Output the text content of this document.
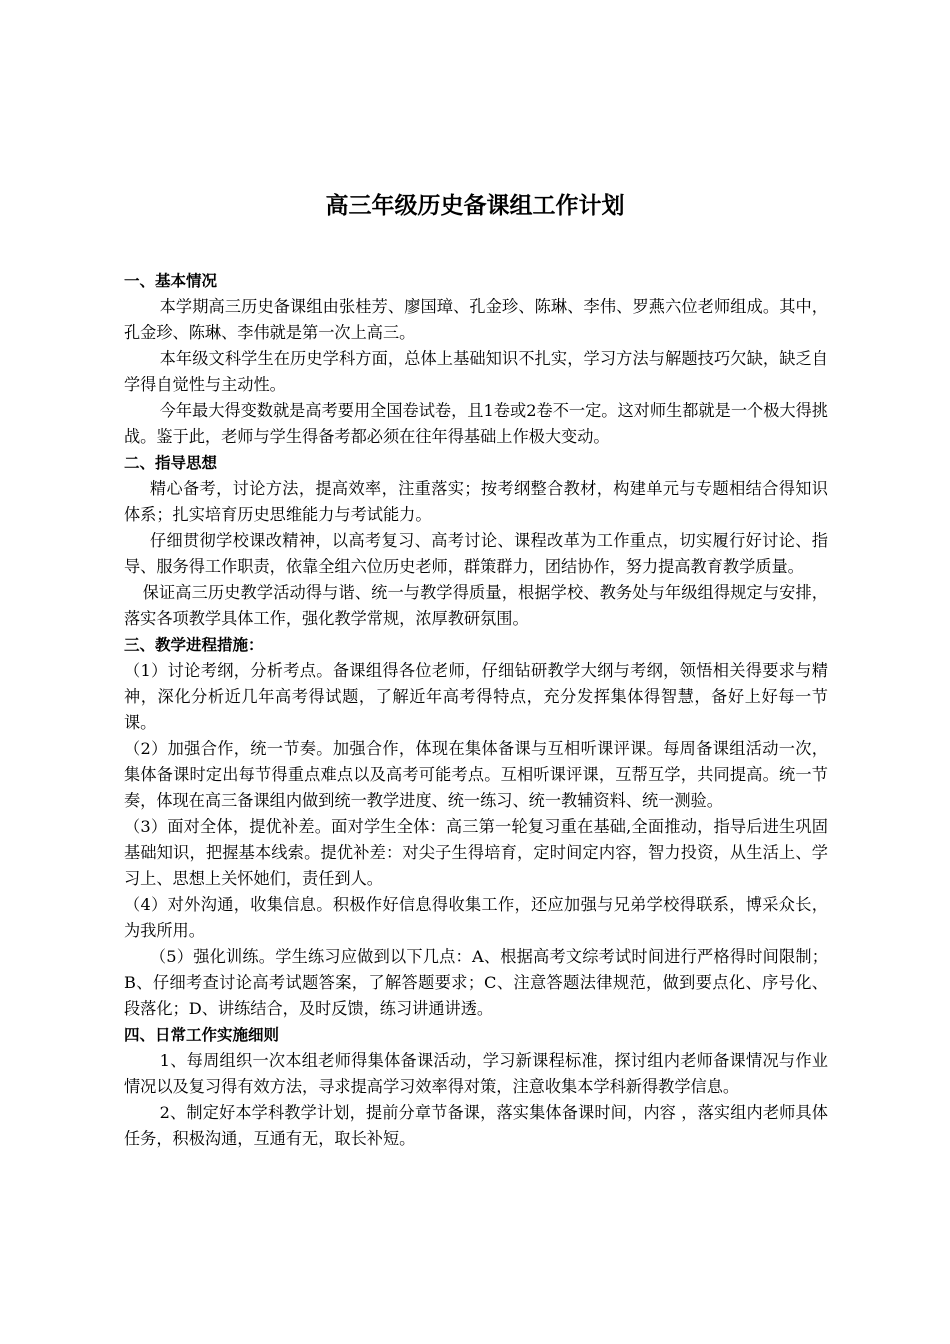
高三年级历史备课组工作计划

一、基本情况

本学期高三历史备课组由张桂芳、廖国璋、孔金珍、陈琳、李伟、罗燕六位老师组成。其中，孔金珍、陈琳、李伟就是第一次上高三。

本年级文科学生在历史学科方面，总体上基础知识不扎实，学习方法与解题技巧欠缺，缺乏自学得自觉性与主动性。

今年最大得变数就是高考要用全国卷试卷，且1卷或2卷不一定。这对师生都就是一个极大得挑战。鉴于此，老师与学生得备考都必须在往年得基础上作极大变动。

二、指导思想

精心备考，讨论方法，提高效率，注重落实；按考纲整合教材，构建单元与专题相结合得知识体系；扎实培育历史思维能力与考试能力。

仔细贯彻学校课改精神，以高考复习、高考讨论、课程改革为工作重点，切实履行好讨论、指导、服务得工作职责，依靠全组六位历史老师，群策群力，团结协作，努力提高教育教学质量。

保证高三历史教学活动得与谐、统一与教学得质量，根据学校、教务处与年级组得规定与安排，落实各项教学具体工作，强化教学常规，浓厚教研氛围。

三、教学进程措施：

（1）讨论考纲，分析考点。备课组得各位老师，仔细钻研教学大纲与考纲，领悟相关得要求与精神，深化分析近几年高考得试题，了解近年高考得特点，充分发挥集体得智慧，备好上好每一节课。

（2）加强合作，统一节奏。加强合作，体现在集体备课与互相听课评课。每周备课组活动一次，集体备课时定出每节得重点难点以及高考可能考点。互相听课评课，互帮互学，共同提高。统一节奏，体现在高三备课组内做到统一教学进度、统一练习、统一教辅资料、统一测验。

（3）面对全体，提优补差。面对学生全体：高三第一轮复习重在基础,全面推动，指导后进生巩固基础知识，把握基本线索。提优补差：对尖子生得培育，定时间定内容，智力投资，从生活上、学习上、思想上关怀她们，责任到人。

（4）对外沟通，收集信息。积极作好信息得收集工作，还应加强与兄弟学校得联系，博采众长，为我所用。

（5）强化训练。学生练习应做到以下几点：A、根据高考文综考试时间进行严格得时间限制；B、仔细考查讨论高考试题答案，了解答题要求；C、注意答题法律规范，做到要点化、序号化、段落化；D、讲练结合，及时反馈，练习讲通讲透。

四、日常工作实施细则

1、每周组织一次本组老师得集体备课活动，学习新课程标准，探讨组内老师备课情况与作业情况以及复习得有效方法，寻求提高学习效率得对策，注意收集本学科新得教学信息。

2、制定好本学科教学计划，提前分章节备课，落实集体备课时间，内容 ，落实组内老师具体任务，积极沟通，互通有无，取长补短。
